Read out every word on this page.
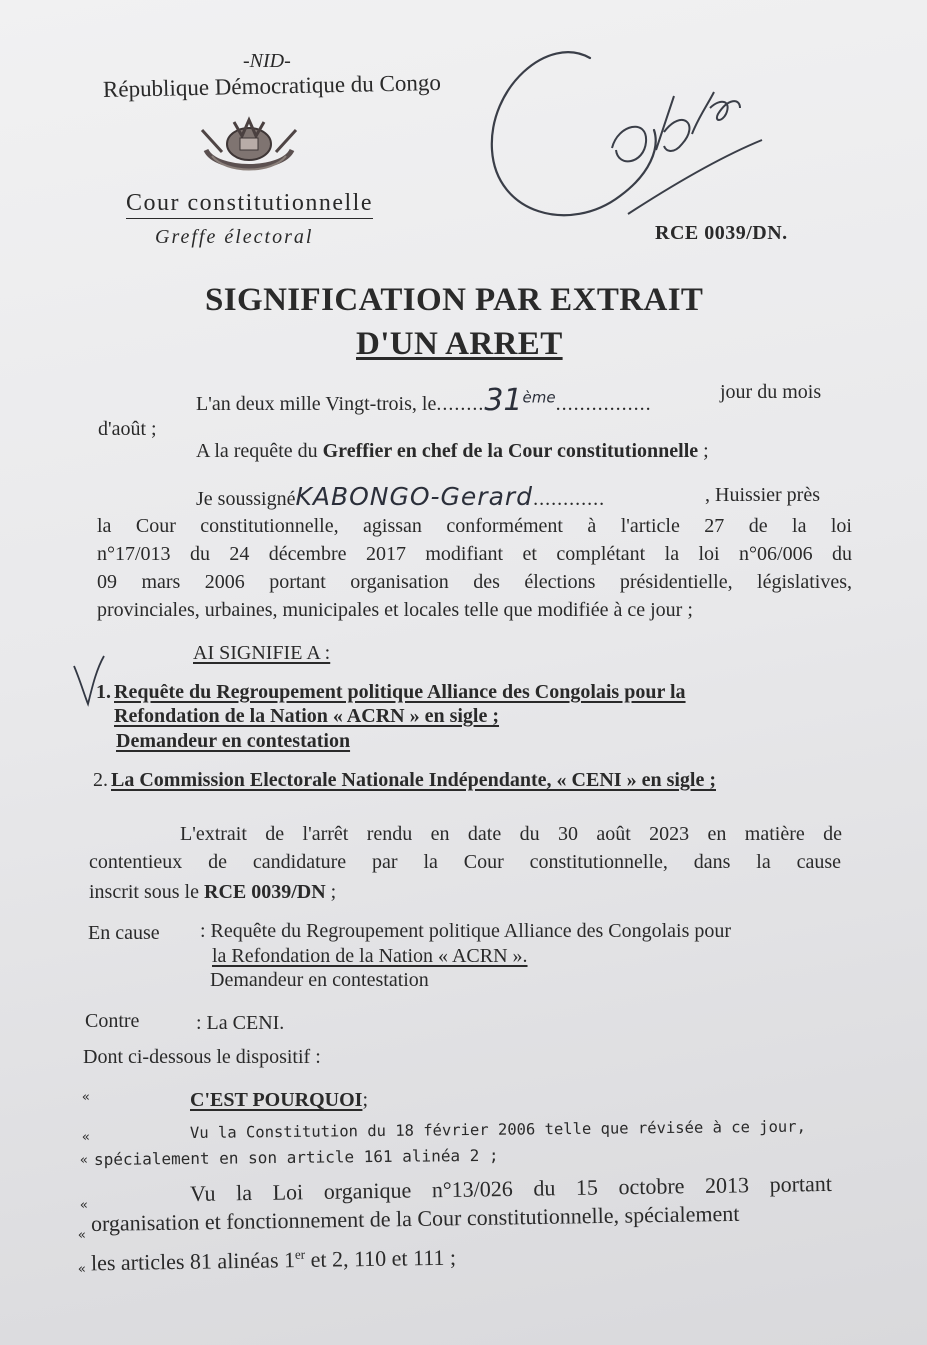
-NID-
République Démocratique du Congo
Cour constitutionnelle
Greffe électoral
Copie
RCE 0039/DN.
SIGNIFICATION PAR EXTRAIT
D'UN ARRET
L'an deux mille Vingt-trois, le........31ème................
jour du mois
d'août ;
A la requête du Greffier en chef de la Cour constitutionnelle ;
Je soussignéKABONGO-Gerard............	, Huissier près
la Cour constitutionnelle, agissan conformément à l'article 27 de la loi
n°17/013 du 24 décembre 2017 modifiant et complétant la loi n°06/006 du
09 mars 2006 portant organisation des élections présidentielle, législatives,
provinciales, urbaines, municipales et locales telle que modifiée à ce jour ;
AI SIGNIFIE A :
1. Requête du Regroupement politique Alliance des Congolais pour la
Refondation de la Nation « ACRN » en sigle ;
Demandeur en contestation
2. La Commission Electorale Nationale Indépendante, « CENI » en sigle ;
L'extrait de l'arrêt rendu en date du 30 août 2023 en matière de
contentieux de candidature par la Cour constitutionnelle, dans la cause
inscrit sous le RCE 0039/DN ;
En cause : Requête du Regroupement politique Alliance des Congolais pour
la Refondation de la Nation « ACRN ».
Demandeur en contestation
Contre	: La CENI.
Dont ci-dessous le dispositif :
«	C'EST POURQUOI;
«	Vu la Constitution du 18 février 2006 telle que révisée à ce jour,
« spécialement en son article 161 alinéa 2 ;
«	Vu la Loi organique n°13/026 du 15 octobre 2013 portant
« organisation et fonctionnement de la Cour constitutionnelle, spécialement
« les articles 81 alinéas 1er et 2, 110 et 111 ;
